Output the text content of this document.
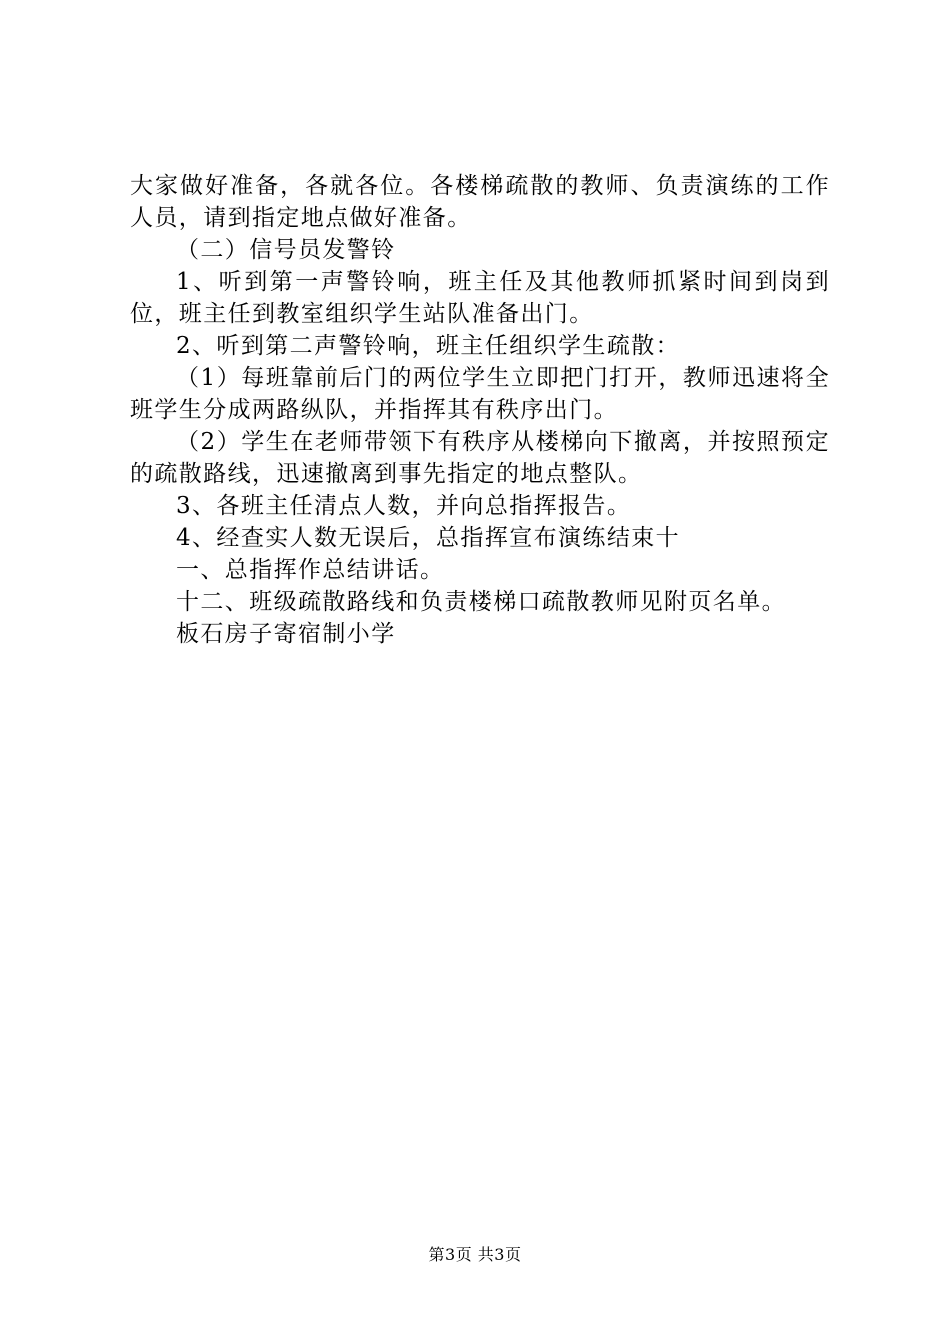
大家做好准备，各就各位。各楼梯疏散的教师、负责演练的工作人员，请到指定地点做好准备。

（二）信号员发警铃

1、听到第一声警铃响，班主任及其他教师抓紧时间到岗到位，班主任到教室组织学生站队准备出门。

2、听到第二声警铃响，班主任组织学生疏散：

（1）每班靠前后门的两位学生立即把门打开，教师迅速将全班学生分成两路纵队，并指挥其有秩序出门。

（2）学生在老师带领下有秩序从楼梯向下撤离，并按照预定的疏散路线，迅速撤离到事先指定的地点整队。

3、各班主任清点人数，并向总指挥报告。

4、经查实人数无误后，总指挥宣布演练结束十

一、总指挥作总结讲话。

十二、班级疏散路线和负责楼梯口疏散教师见附页名单。

板石房子寄宿制小学

第3页 共3页
